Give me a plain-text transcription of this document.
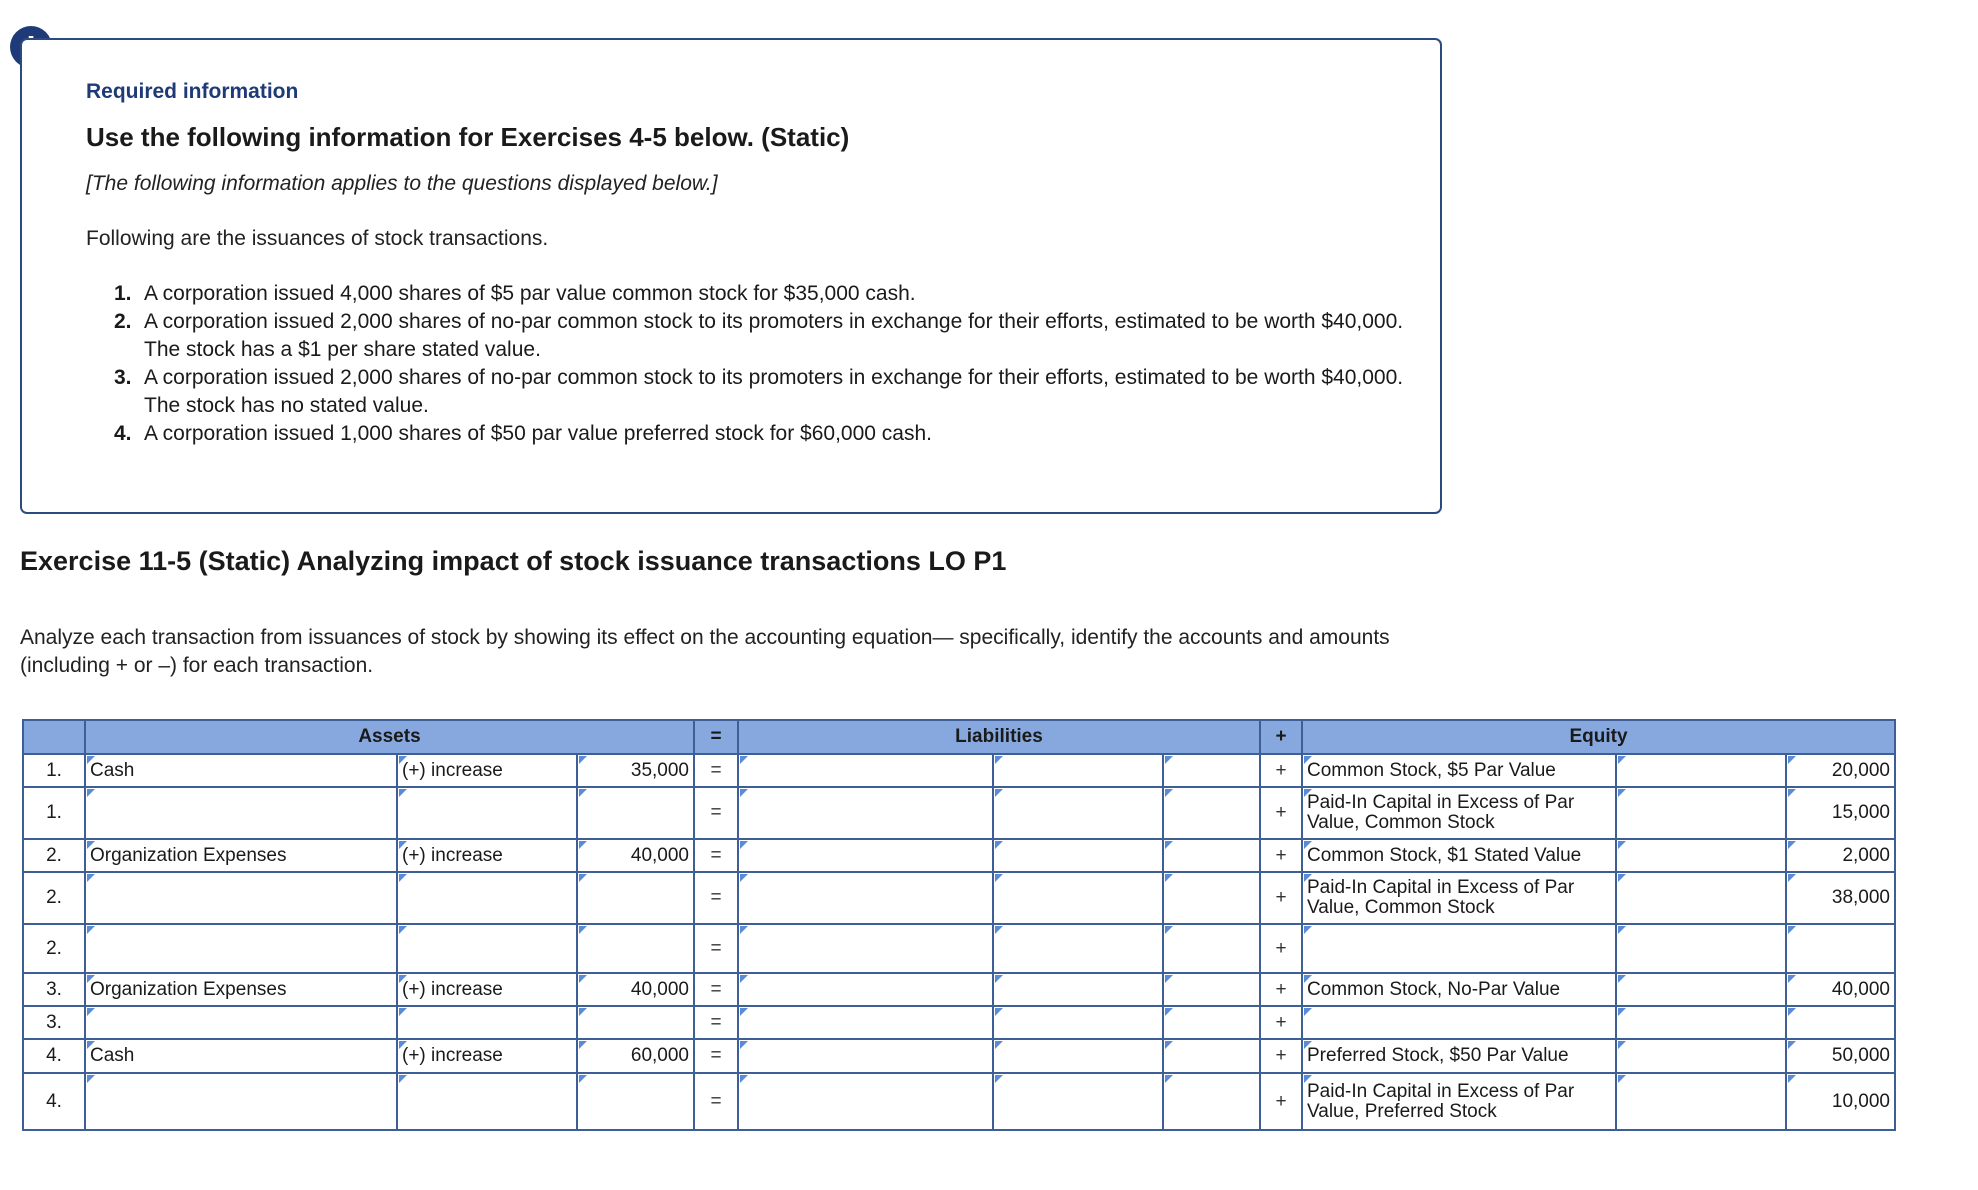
Required information
Use the following information for Exercises 4-5 below. (Static)
[The following information applies to the questions displayed below.]
Following are the issuances of stock transactions.
1. A corporation issued 4,000 shares of $5 par value common stock for $35,000 cash.
2. A corporation issued 2,000 shares of no-par common stock to its promoters in exchange for their efforts, estimated to be worth $40,000. The stock has a $1 per share stated value.
3. A corporation issued 2,000 shares of no-par common stock to its promoters in exchange for their efforts, estimated to be worth $40,000. The stock has no stated value.
4. A corporation issued 1,000 shares of $50 par value preferred stock for $60,000 cash.
Exercise 11-5 (Static) Analyzing impact of stock issuance transactions LO P1
Analyze each transaction from issuances of stock by showing its effect on the accounting equation— specifically, identify the accounts and amounts (including + or –) for each transaction.
Assets	=	Liabilities	+	Equity
1. Cash	(+) increase	35,000 =	+ Common Stock, $5 Par Value	20,000
1.	=	+ Paid-In Capital in Excess of Par Value, Common Stock	15,000
2. Organization Expenses	(+) increase	40,000 =	+ Common Stock, $1 Stated Value	2,000
2.	=	+ Paid-In Capital in Excess of Par Value, Common Stock	38,000
2.	=	+
3. Organization Expenses	(+) increase	40,000 =	+ Common Stock, No-Par Value	40,000
3.	=	+
4. Cash	(+) increase	60,000 =	+ Preferred Stock, $50 Par Value	50,000
4.	=	+ Paid-In Capital in Excess of Par Value, Preferred Stock	10,000
